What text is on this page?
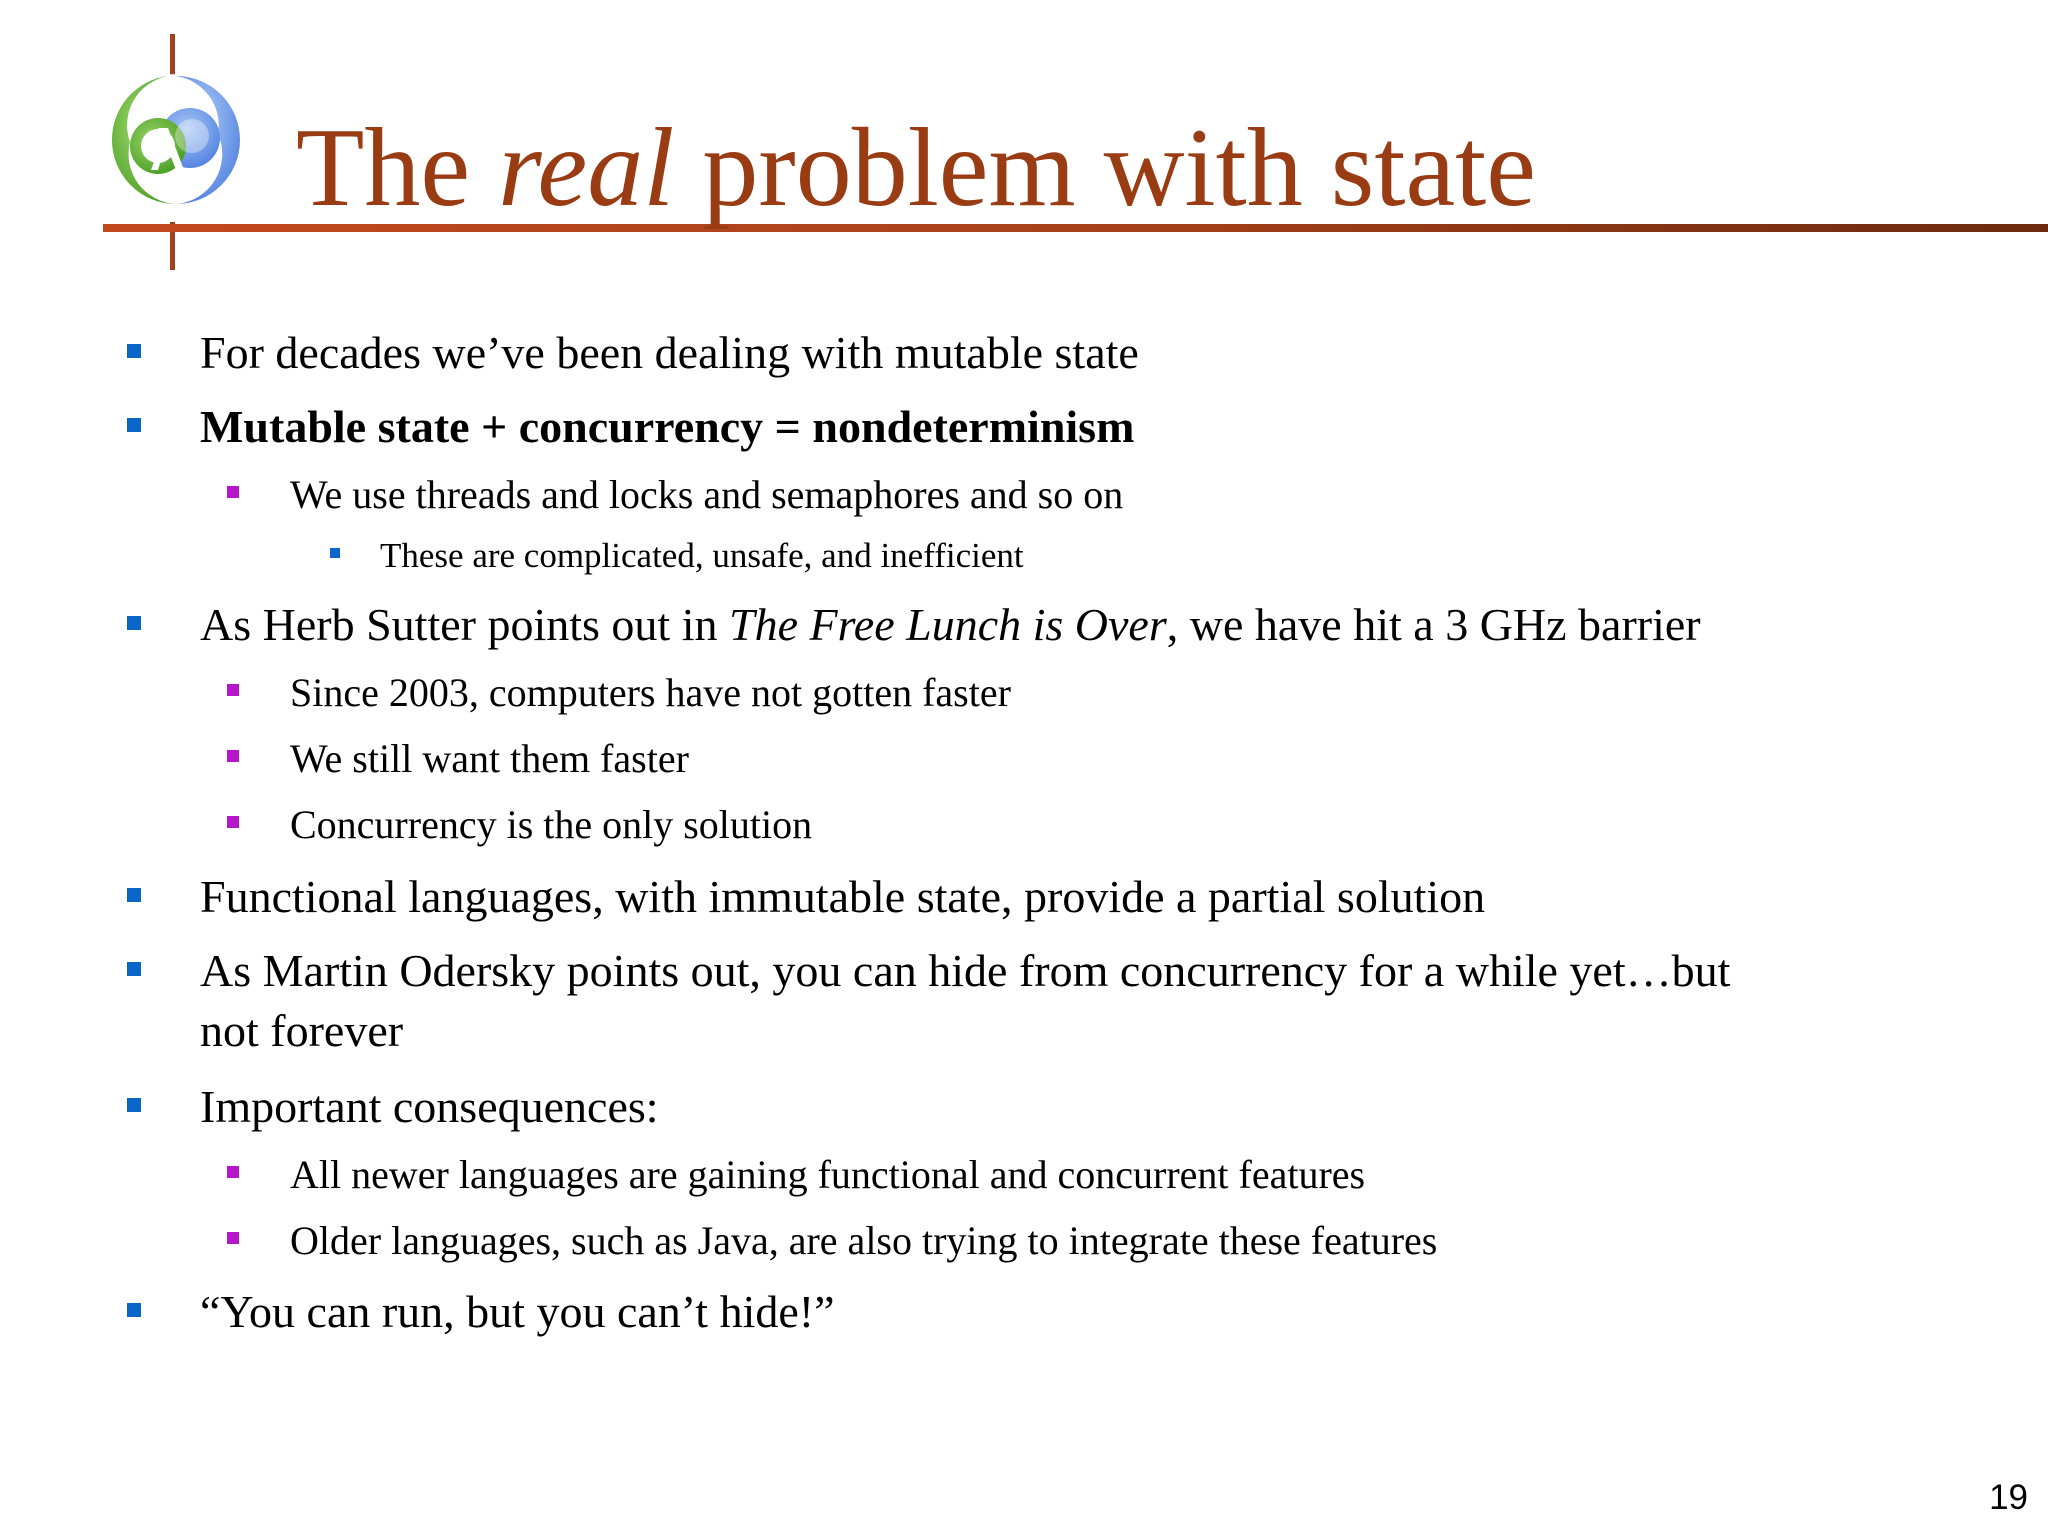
The real problem with state
For decades we’ve been dealing with mutable state
Mutable state + concurrency = nondeterminism
We use threads and locks and semaphores and so on
These are complicated, unsafe, and inefficient
As Herb Sutter points out in The Free Lunch is Over, we have hit a 3 GHz barrier
Since 2003, computers have not gotten faster
We still want them faster
Concurrency is the only solution
Functional languages, with immutable state, provide a partial solution
As Martin Odersky points out, you can hide from concurrency for a while yet…but
not forever
Important consequences:
All newer languages are gaining functional and concurrent features
Older languages, such as Java, are also trying to integrate these features
“You can run, but you can’t hide!”
19
